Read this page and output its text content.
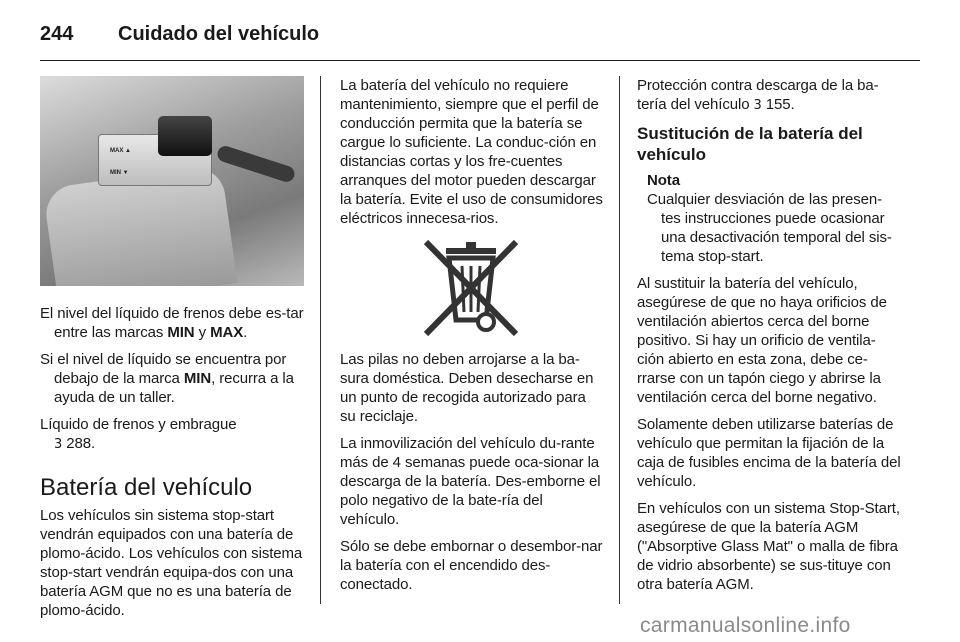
244	Cuidado del vehículo
MAX ▲
MIN ▼

El nivel del líquido de frenos debe es-tar entre las marcas MIN y MAX.

Si el nivel de líquido se encuentra por debajo de la marca MIN, recurra a la ayuda de un taller.

Líquido de frenos y embrague
3 288.

Batería del vehículo

Los vehículos sin sistema stop-start vendrán equipados con una batería de plomo-ácido. Los vehículos con sistema stop-start vendrán equipa-dos con una batería AGM que no es una batería de plomo-ácido.

La batería del vehículo no requiere mantenimiento, siempre que el perfil de conducción permita que la batería se cargue lo suficiente. La conduc-ción en distancias cortas y los fre-cuentes arranques del motor pueden descargar la batería. Evite el uso de consumidores eléctricos innecesa-rios.

Las pilas no deben arrojarse a la ba-sura doméstica. Deben desecharse en un punto de recogida autorizado para su reciclaje.

La inmovilización del vehículo du-rante más de 4 semanas puede oca-sionar la descarga de la batería. Des-emborne el polo negativo de la bate-ría del vehículo.

Sólo se debe embornar o desembor-nar la batería con el encendido des-conectado.

Protección contra descarga de la ba-tería del vehículo 3 155.

Sustitución de la batería del vehículo

Nota

Cualquier desviación de las presen-tes instrucciones puede ocasionar una desactivación temporal del sis-tema stop-start.

Al sustituir la batería del vehículo, asegúrese de que no haya orificios de ventilación abiertos cerca del borne positivo. Si hay un orificio de ventila-ción abierto en esta zona, debe ce-rrarse con un tapón ciego y abrirse la ventilación cerca del borne negativo.

Solamente deben utilizarse baterías de vehículo que permitan la fijación de la caja de fusibles encima de la batería del vehículo.

En vehículos con un sistema Stop-Start, asegúrese de que la batería AGM ("Absorptive Glass Mat" o malla de fibra de vidrio absorbente) se sus-tituye con otra batería AGM.

carmanualsonline.info
